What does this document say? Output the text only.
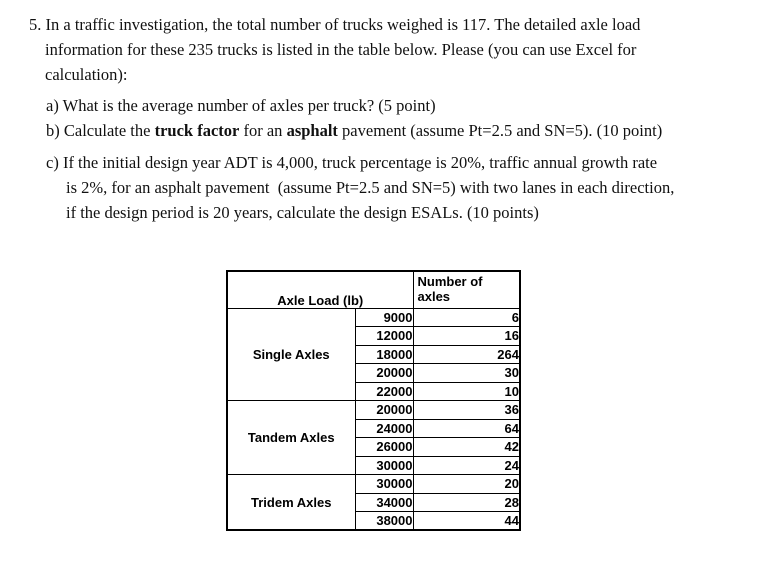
5. In a traffic investigation, the total number of trucks weighed is 117. The detailed axle load
information for these 235 trucks is listed in the table below. Please (you can use Excel for
calculation):
a) What is the average number of axles per truck? (5 point)
b) Calculate the truck factor for an asphalt pavement (assume Pt=2.5 and SN=5). (10 point)
c) If the initial design year ADT is 4,000, truck percentage is 20%, traffic annual growth rate
is 2%, for an asphalt pavement  (assume Pt=2.5 and SN=5) with two lanes in each direction,
if the design period is 20 years, calculate the design ESALs. (10 points)
Axle Load (lb)		Number of axles

Single Axles	9000	6
	12000	16
	18000	264
	20000	30
	22000	10
Tandem Axles	20000	36
	24000	64
	26000	42
	30000	24
Tridem Axles	30000	20
	34000	28
	38000	44
